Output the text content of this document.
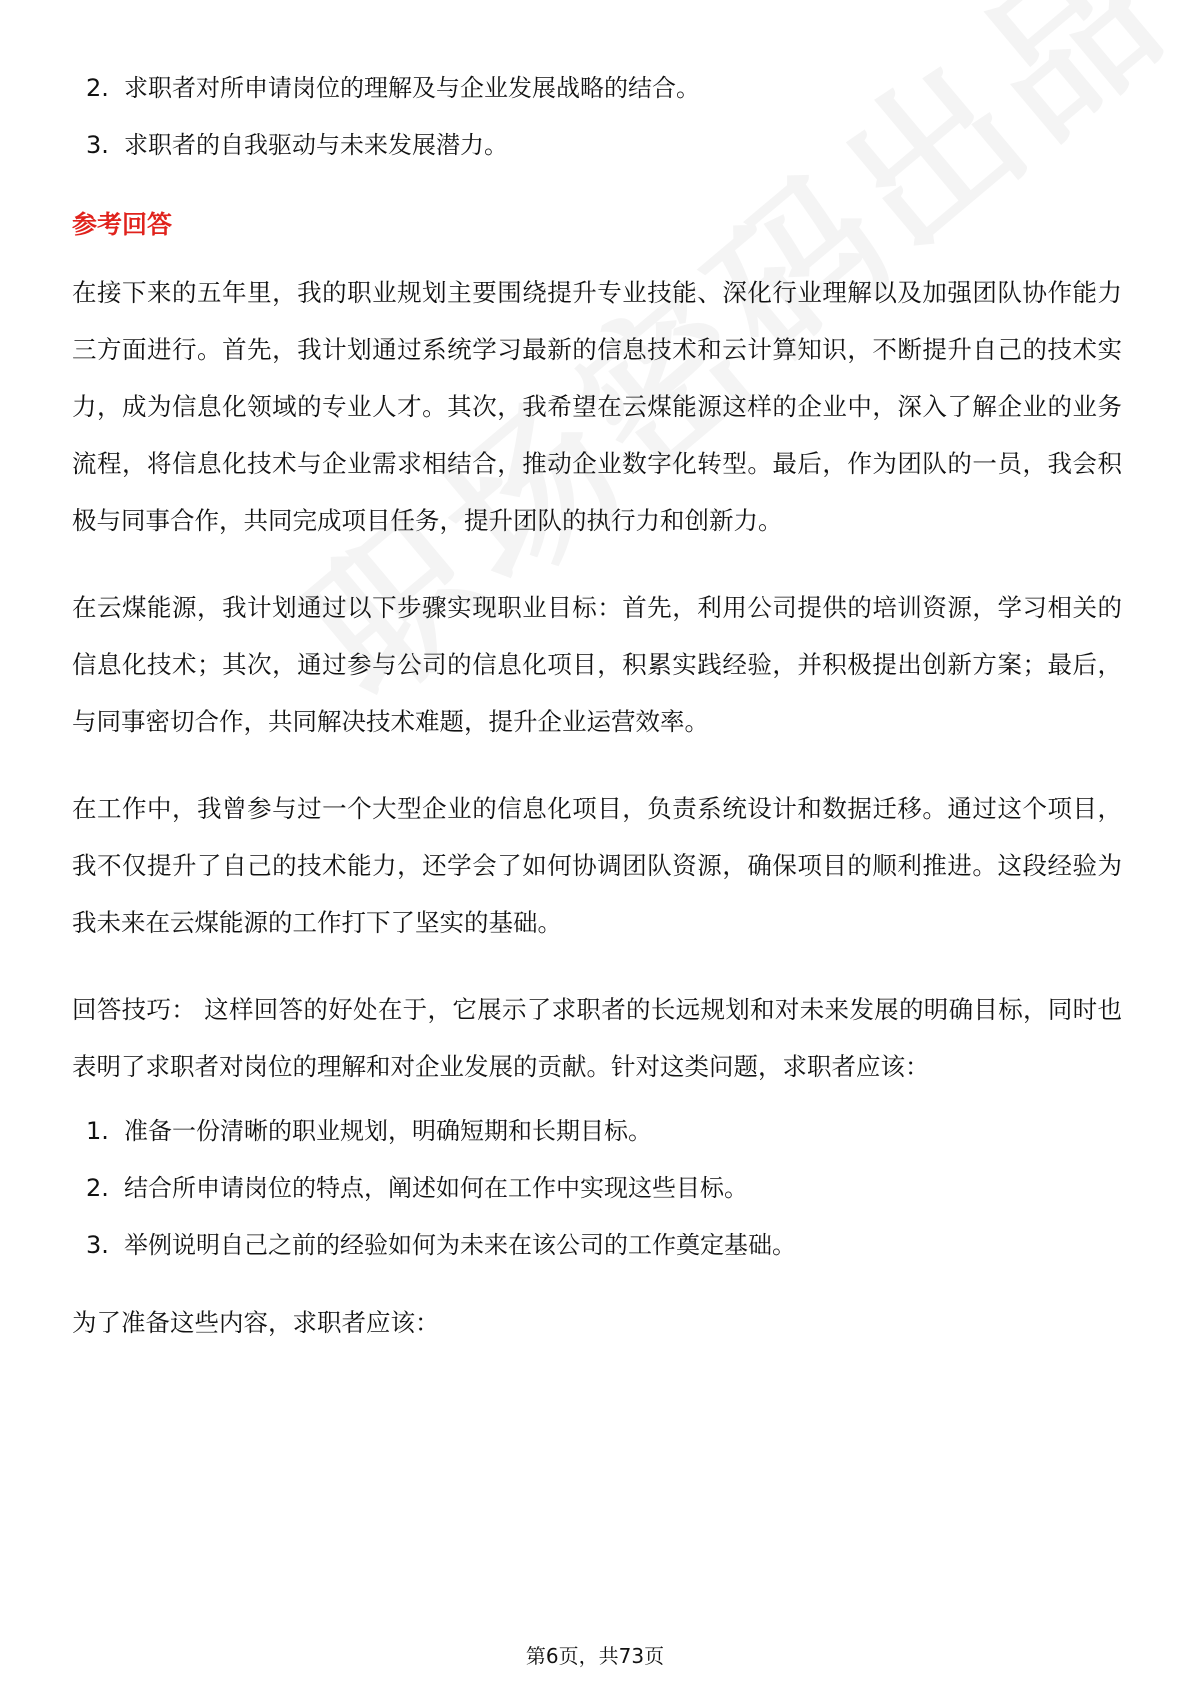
2. 求职者对所申请岗位的理解及与企业发展战略的结合。
3. 求职者的自我驱动与未来发展潜力。
参考回答

在接下来的五年里，我的职业规划主要围绕提升专业技能、深化行业理解以及加强团队协作能力三方面进行。首先，我计划通过系统学习最新的信息技术和云计算知识，不断提升自己的技术实力，成为信息化领域的专业人才。其次，我希望在云煤能源这样的企业中，深入了解企业的业务流程，将信息化技术与企业需求相结合，推动企业数字化转型。最后，作为团队的一员，我会积极与同事合作，共同完成项目任务，提升团队的执行力和创新力。

在云煤能源，我计划通过以下步骤实现职业目标：首先，利用公司提供的培训资源，学习相关的信息化技术；其次，通过参与公司的信息化项目，积累实践经验，并积极提出创新方案；最后，与同事密切合作，共同解决技术难题，提升企业运营效率。

在工作中，我曾参与过一个大型企业的信息化项目，负责系统设计和数据迁移。通过这个项目，我不仅提升了自己的技术能力，还学会了如何协调团队资源，确保项目的顺利推进。这段经验为我未来在云煤能源的工作打下了坚实的基础。

回答技巧： 这样回答的好处在于，它展示了求职者的长远规划和对未来发展的明确目标，同时也表明了求职者对岗位的理解和对企业发展的贡献。针对这类问题，求职者应该：

1. 准备一份清晰的职业规划，明确短期和长期目标。
2. 结合所申请岗位的特点，阐述如何在工作中实现这些目标。
3. 举例说明自己之前的经验如何为未来在该公司的工作奠定基础。

为了准备这些内容，求职者应该：

第6页，共73页
